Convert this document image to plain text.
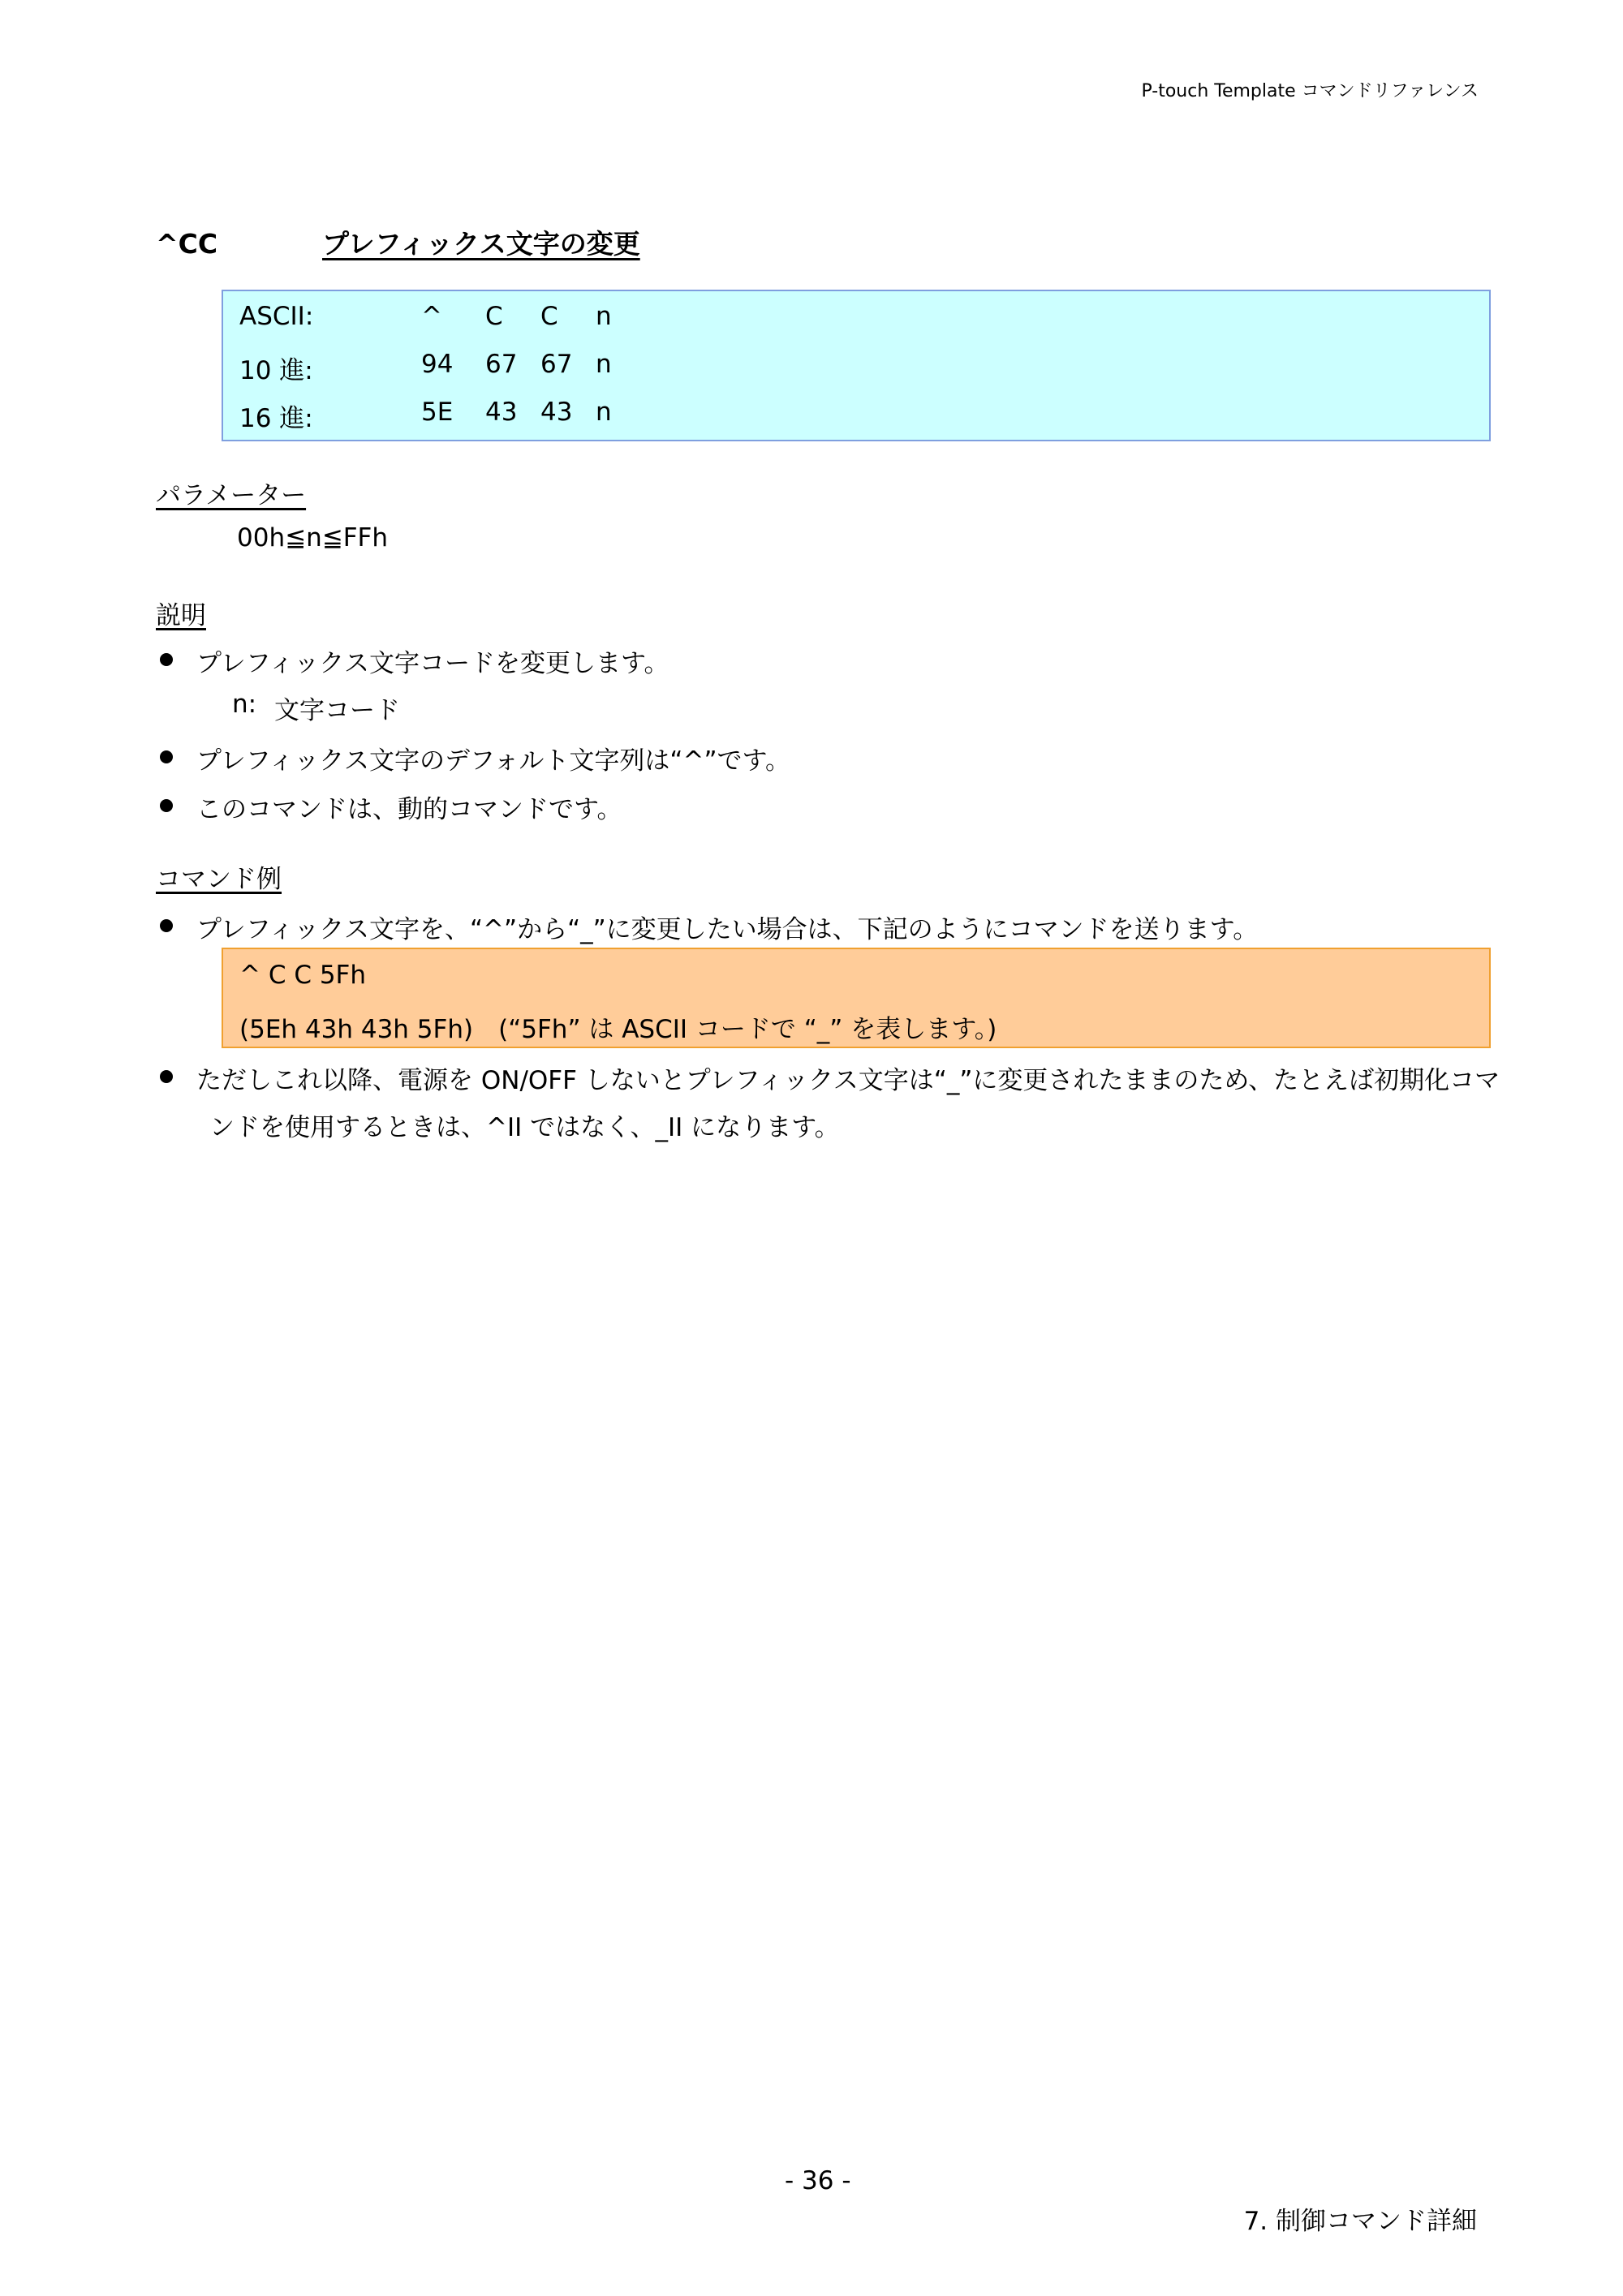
P-touch Template コマンドリファレンス
^CC	プレフィックス文字の変更
ASCII:	^ C C n
10 進:	94 67 67 n
16 進:	5E 43 43 n
パラメーター
00h≦n≦FFh
説明
プレフィックス文字コードを変更します。
n: 文字コード
プレフィックス文字のデフォルト文字列は“^”です。
このコマンドは、動的コマンドです。
コマンド例
プレフィックス文字を、“^”から“_”に変更したい場合は、下記のようにコマンドを送ります。
^ C C 5Fh
(5Eh 43h 43h 5Fh)　(“5Fh” は ASCII コードで “_” を表します。)
ただしこれ以降、電源を ON/OFF しないとプレフィックス文字は“_”に変更されたままのため、たとえば初期化コマ
ンドを使用するときは、^II ではなく、_II になります。
- 36 -
7. 制御コマンド詳細
